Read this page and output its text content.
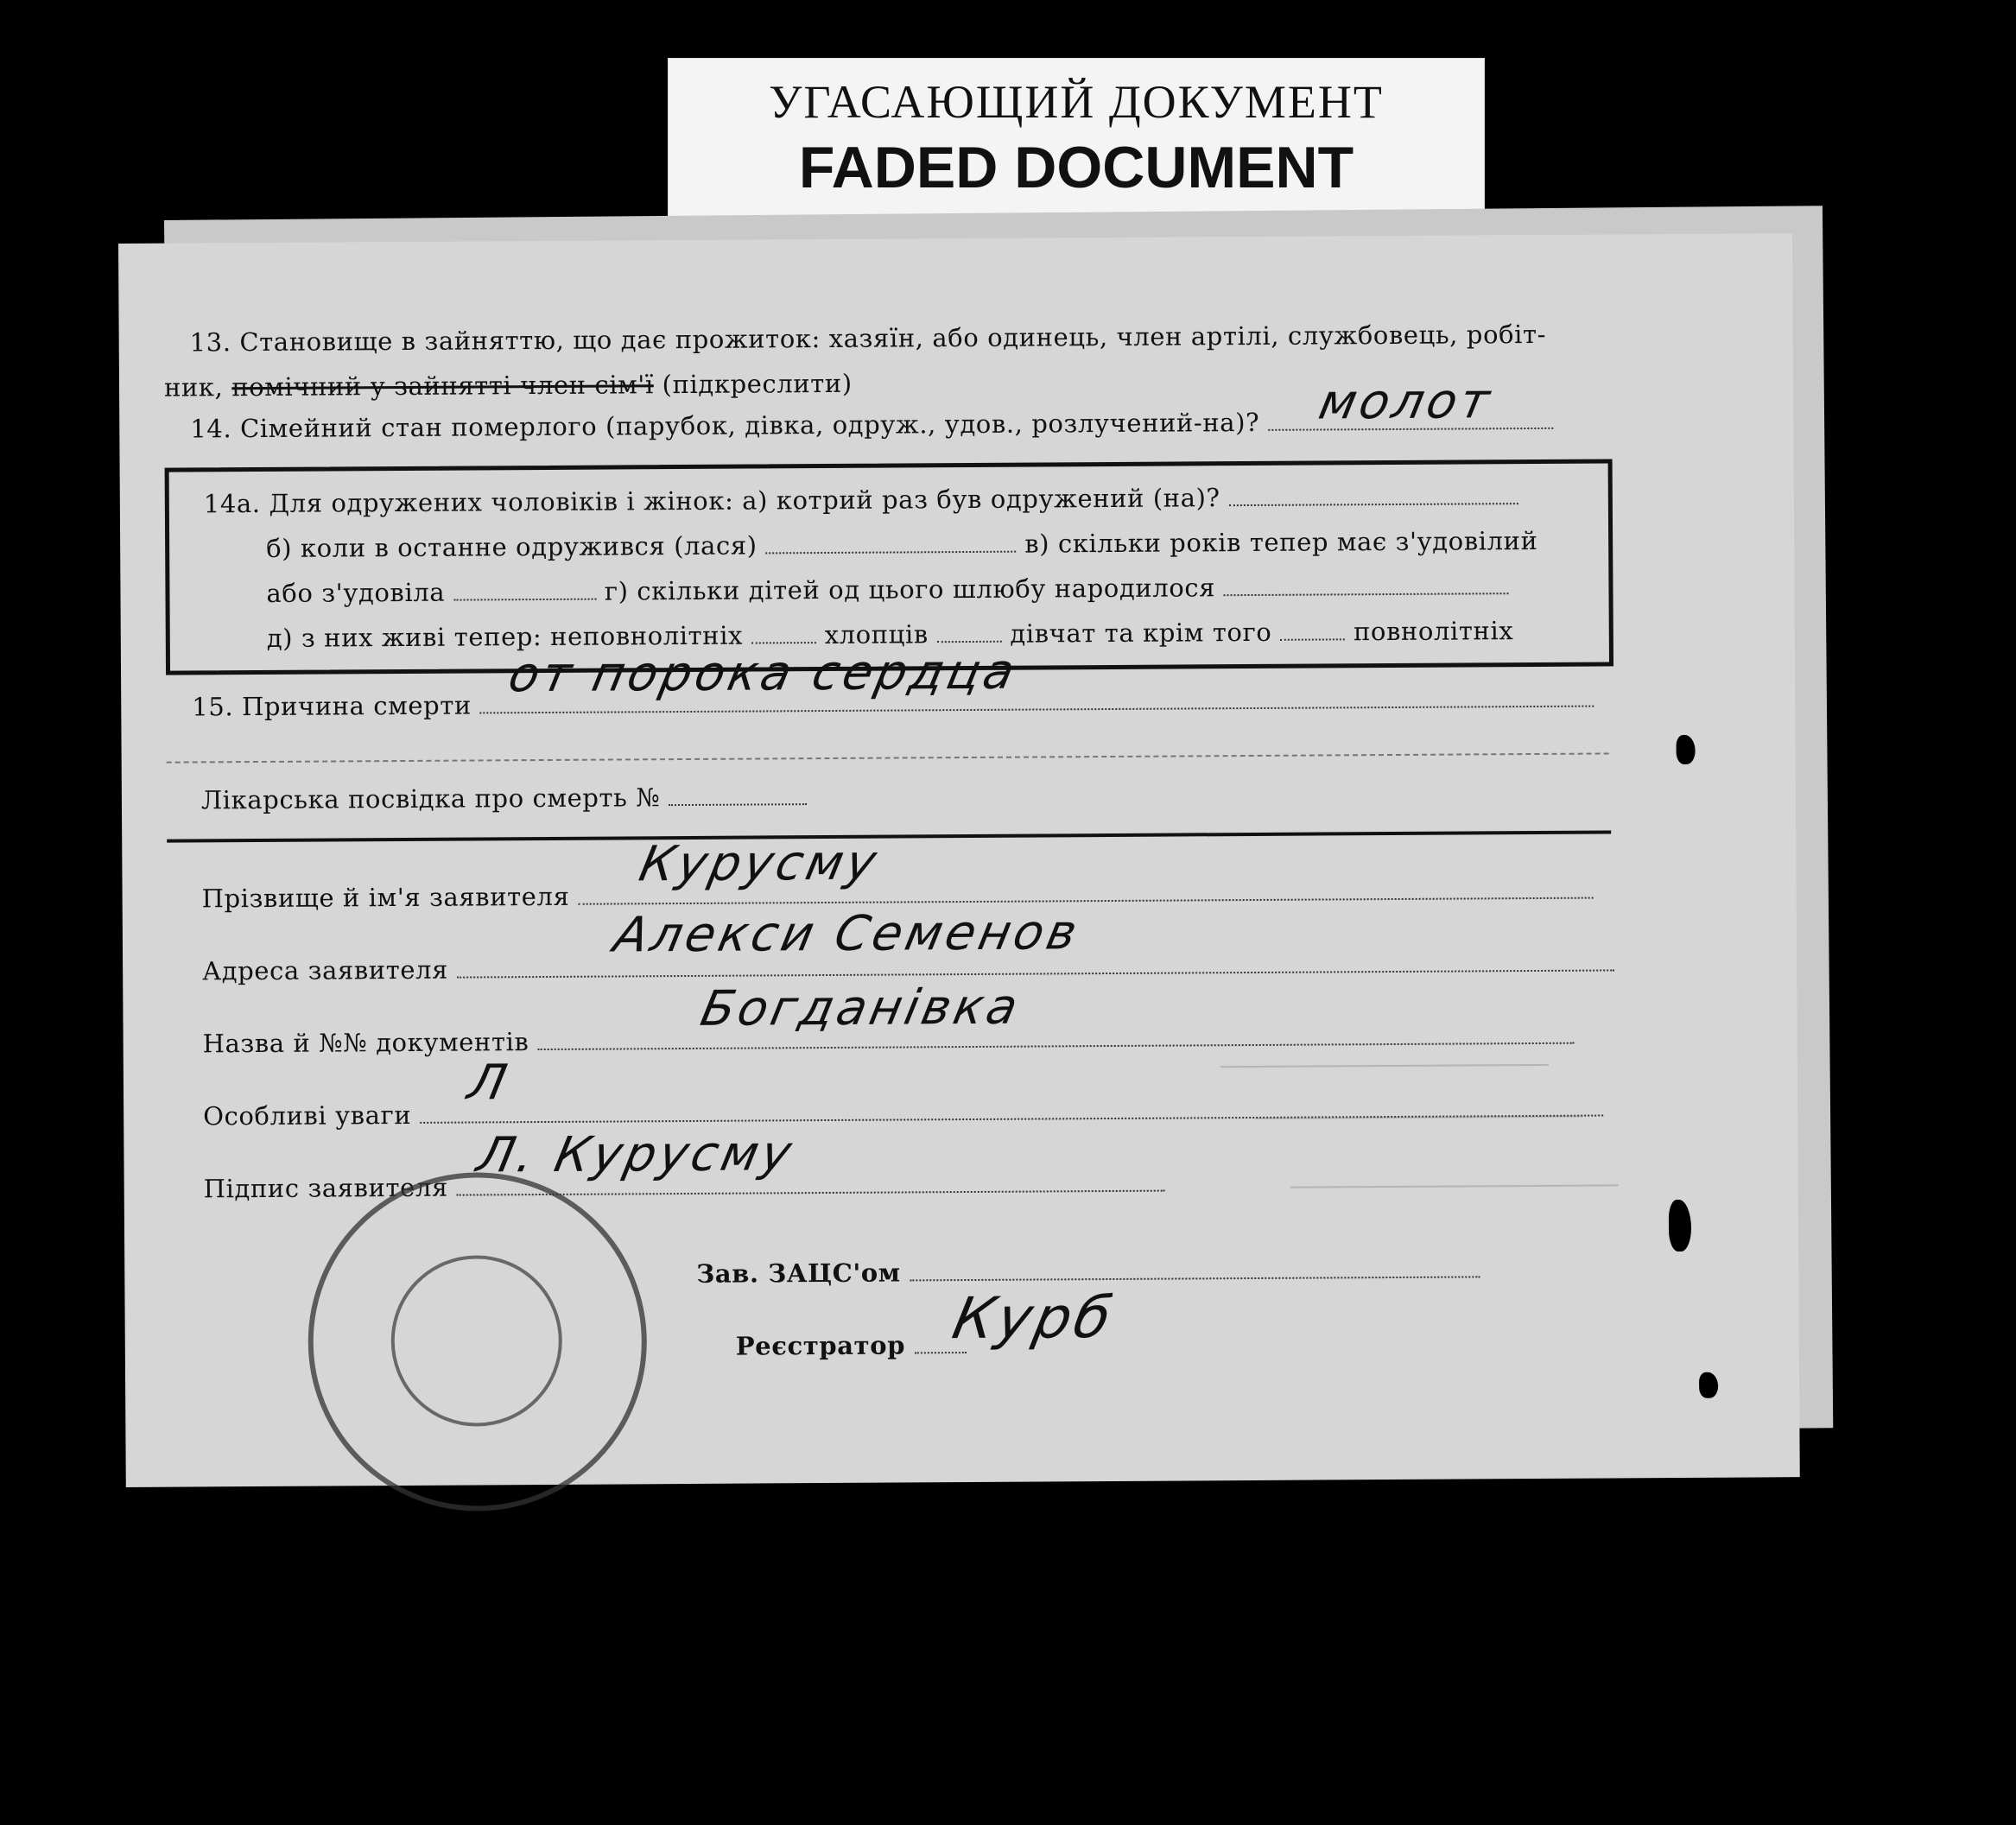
УГАСАЮЩИЙ ДОКУМЕНТ
FADED DOCUMENT
13. Становище в зайняттю, що дає прожиток: хазяїн, або одинець, член артілі, службовець, робіт-
ник, помічний у зайнятті член сім'ї (підкреслити)
14. Сімейний стан померлого (парубок, дівка, одруж., удов., розлучений-на)?	молот
14а. Для одружених чоловіків і жінок: а) котрий раз був одружений (на)?
б) коли в останне одружився (лася)	в) скільки років тепер має з'удовілий
або з'удовіла	г) скільки дітей од цього шлюбу народилося
д) з них живі тепер: неповнолітніх	хлопців	дівчат та крім того	повнолітніх
15. Причина смерти
от порока сердца
Лікарська посвідка про смерть №
Прізвище й ім'я заявителя
Курусму
Адреса заявителя
Алекси Семенов
Назва й №№ документів
Богданівка
Особливі уваги
Л
Підпис заявителя
Л. Курусму
Зав. ЗАЦС'ом
Реєстратор Курб
